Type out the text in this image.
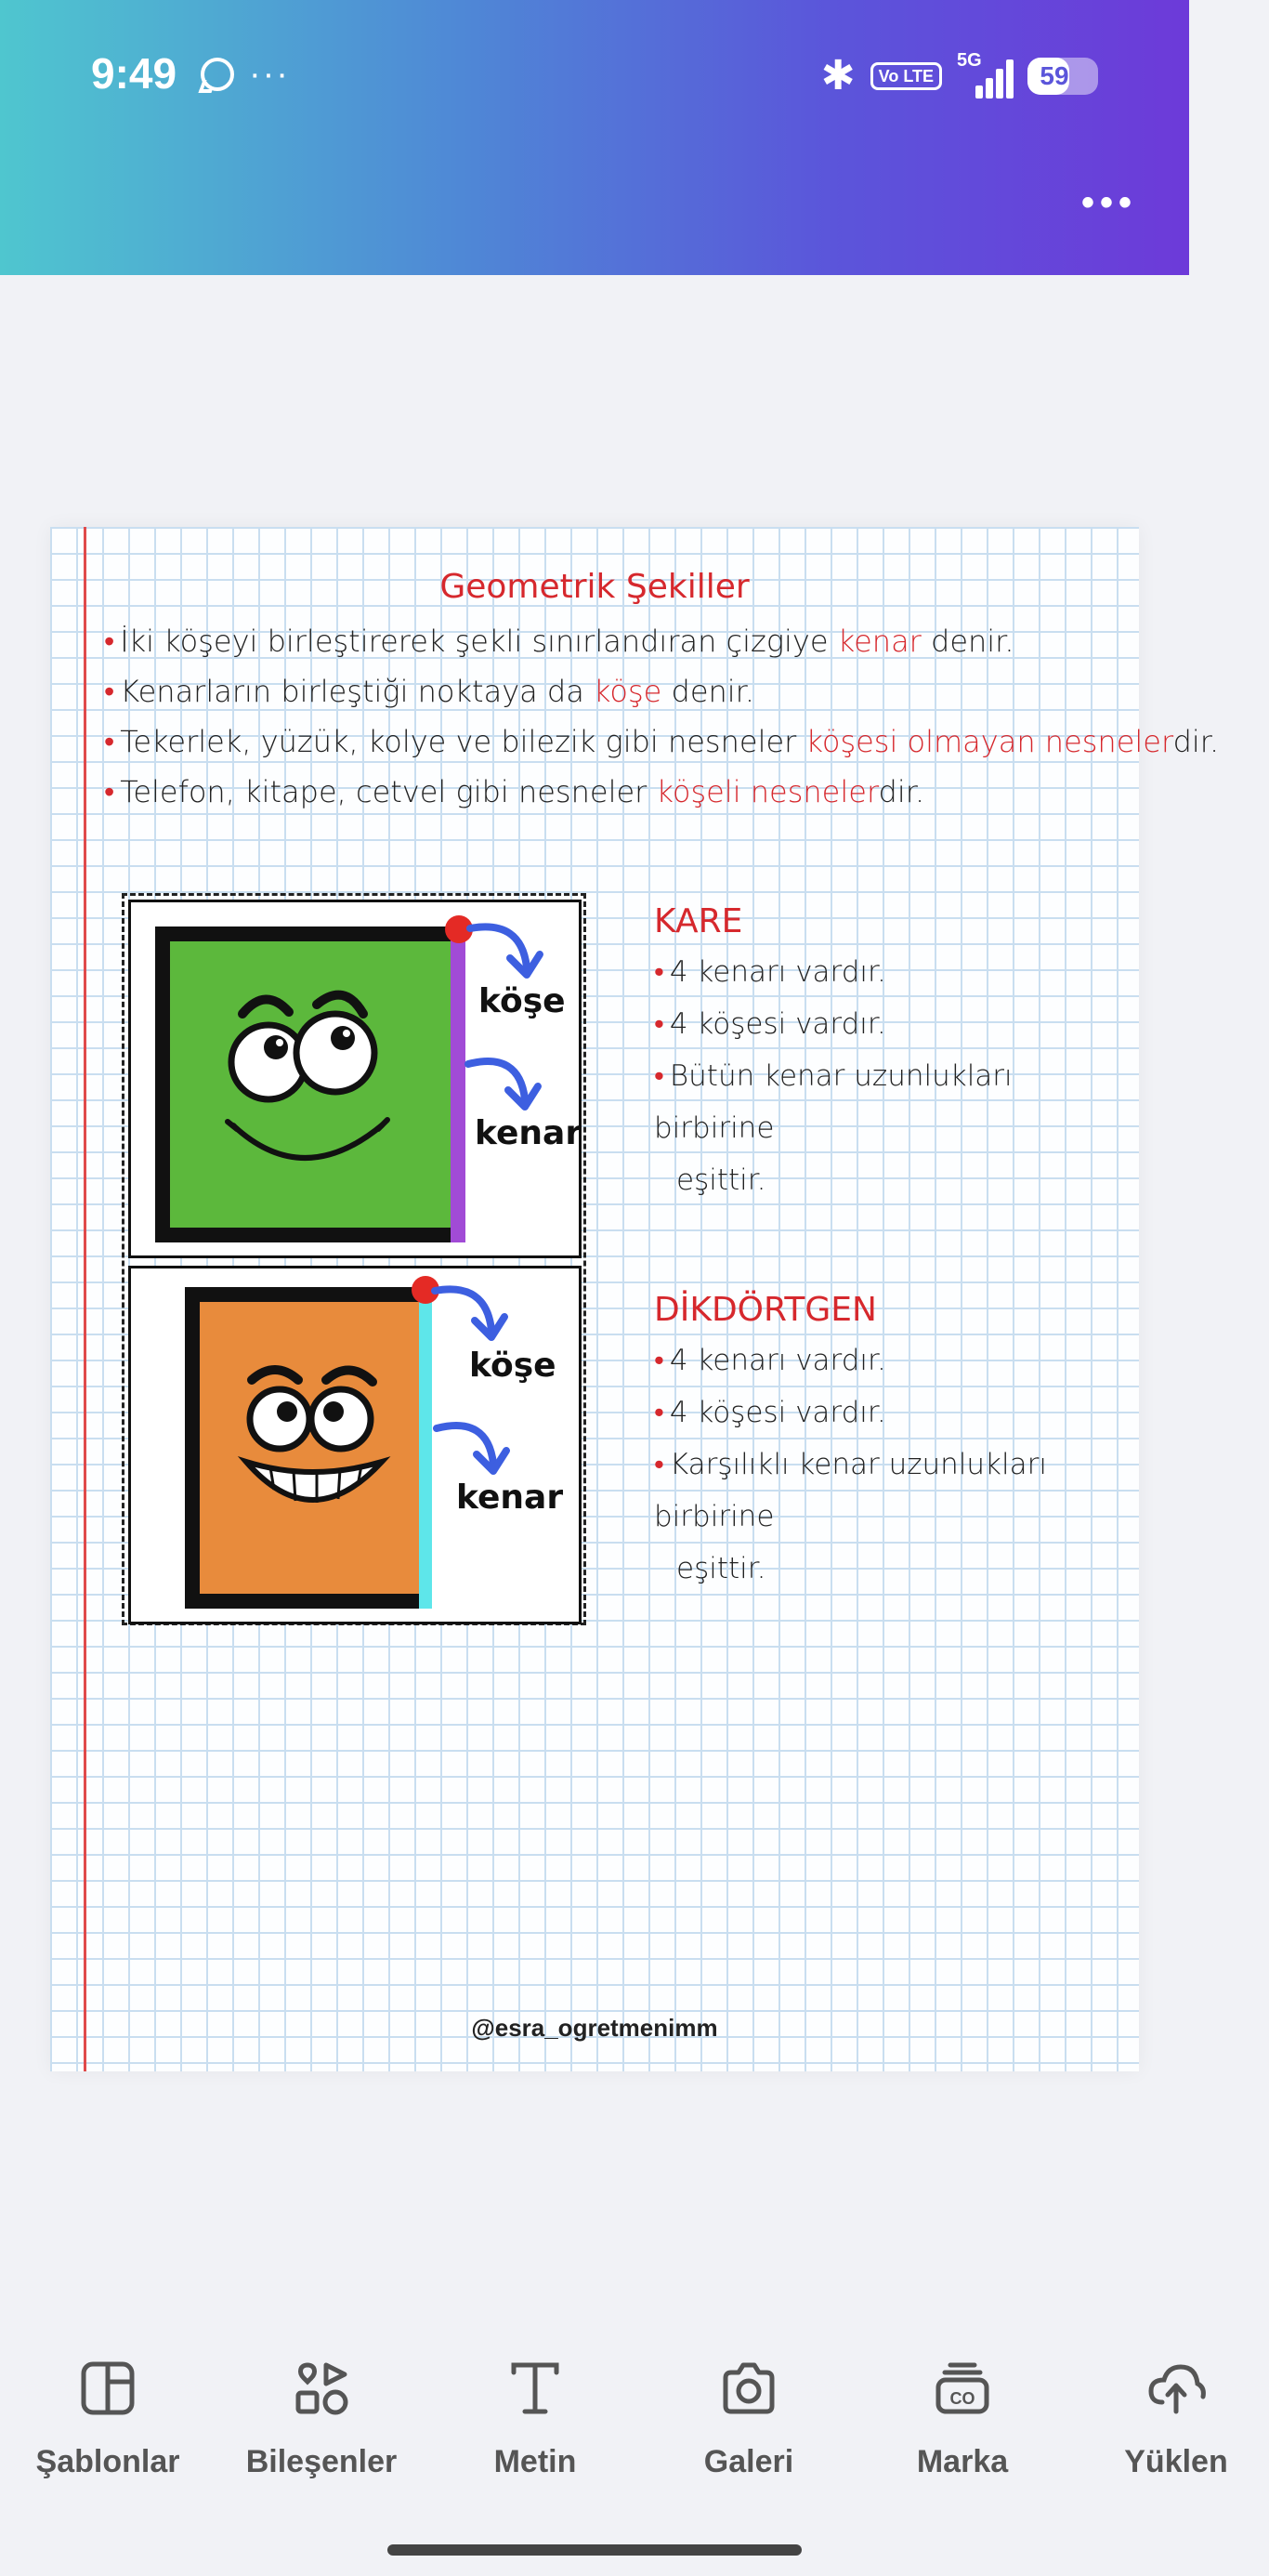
9:49 ···	✱	Vo LTE
5G
59
•••
Geometrik Şekiller
• İki köşeyi birleştirerek şekli sınırlandıran çizgiye kenar denir.
• Kenarların birleştiği noktaya da köşe denir.
• Tekerlek, yüzük, kolye ve bilezik gibi nesneler köşesi olmayan nesnelerdir.
• Telefon, kitape, cetvel gibi nesneler köşeli nesnelerdir.
köşe
kenar
köşe
kenar
KARE
• 4 kenarı vardır.
• 4 köşesi vardır.
• Bütün kenar uzunlukları birbirine
eşittir.
DİKDÖRTGEN
• 4 kenarı vardır.
• 4 köşesi vardır.
• Karşılıklı kenar uzunlukları birbirine
eşittir.
@esra_ogretmenimm
Şablonlar	Bileşenler	Metin	Galeri
CO
Marka	Yüklen
